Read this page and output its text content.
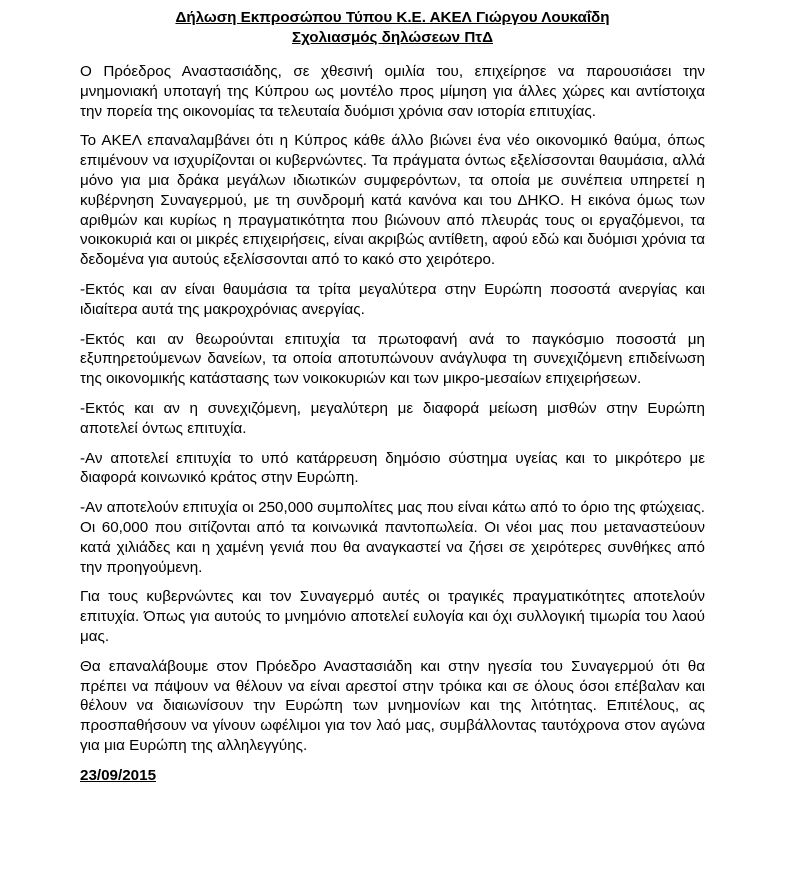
Δήλωση Εκπροσώπου Τύπου Κ.Ε. ΑΚΕΛ Γιώργου Λουκαΐδη

Σχολιασμός δηλώσεων ΠτΔ

Ο Πρόεδρος Αναστασιάδης, σε χθεσινή ομιλία του, επιχείρησε να παρουσιάσει την μνημονιακή υποταγή της Κύπρου ως μοντέλο προς μίμηση για άλλες χώρες και αντίστοιχα την πορεία της οικονομίας τα τελευταία δυόμισι χρόνια σαν ιστορία επιτυχίας.

Το ΑΚΕΛ επαναλαμβάνει ότι η Κύπρος κάθε άλλο βιώνει ένα νέο οικονομικό θαύμα, όπως επιμένουν να ισχυρίζονται οι κυβερνώντες. Τα πράγματα όντως εξελίσσονται θαυμάσια, αλλά μόνο για μια δράκα μεγάλων ιδιωτικών συμφερόντων, τα οποία με συνέπεια υπηρετεί η κυβέρνηση Συναγερμού, με τη συνδρομή κατά κανόνα και του ΔΗΚΟ. Η εικόνα όμως των αριθμών και κυρίως η πραγματικότητα που βιώνουν από πλευράς τους οι εργαζόμενοι, τα νοικοκυριά και οι μικρές επιχειρήσεις, είναι ακριβώς αντίθετη, αφού εδώ και δυόμισι χρόνια τα δεδομένα για αυτούς εξελίσσονται από το κακό στο χειρότερο.

-Εκτός και αν είναι θαυμάσια τα τρίτα μεγαλύτερα στην Ευρώπη ποσοστά ανεργίας και ιδιαίτερα αυτά της μακροχρόνιας ανεργίας.

-Εκτός και αν θεωρούνται επιτυχία τα πρωτοφανή ανά το παγκόσμιο ποσοστά μη εξυπηρετούμενων δανείων, τα οποία αποτυπώνουν ανάγλυφα τη συνεχιζόμενη επιδείνωση της οικονομικής κατάστασης των νοικοκυριών και των μικρο-μεσαίων επιχειρήσεων.

-Εκτός και αν η συνεχιζόμενη, μεγαλύτερη με διαφορά μείωση μισθών στην Ευρώπη αποτελεί όντως επιτυχία.

-Αν αποτελεί επιτυχία το υπό κατάρρευση δημόσιο σύστημα υγείας και το μικρότερο με διαφορά κοινωνικό κράτος στην Ευρώπη.

-Αν αποτελούν επιτυχία οι 250,000 συμπολίτες μας που είναι κάτω από το όριο της φτώχειας. Οι 60,000 που σιτίζονται από τα κοινωνικά παντοπωλεία. Οι νέοι μας που μεταναστεύουν κατά χιλιάδες και η χαμένη γενιά που θα αναγκαστεί να ζήσει σε χειρότερες συνθήκες από την προηγούμενη.

Για τους κυβερνώντες και τον Συναγερμό αυτές οι τραγικές πραγματικότητες αποτελούν επιτυχία. Όπως για αυτούς το μνημόνιο αποτελεί ευλογία και όχι συλλογική τιμωρία του λαού μας.

Θα επαναλάβουμε στον Πρόεδρο Αναστασιάδη και στην ηγεσία του Συναγερμού ότι θα πρέπει να πάψουν να θέλουν να είναι αρεστοί στην τρόικα και σε όλους όσοι επέβαλαν και θέλουν να διαιωνίσουν την Ευρώπη των μνημονίων και της λιτότητας. Επιτέλους, ας προσπαθήσουν να γίνουν ωφέλιμοι για τον λαό μας, συμβάλλοντας ταυτόχρονα στον αγώνα για μια Ευρώπη της αλληλεγγύης.

23/09/2015
